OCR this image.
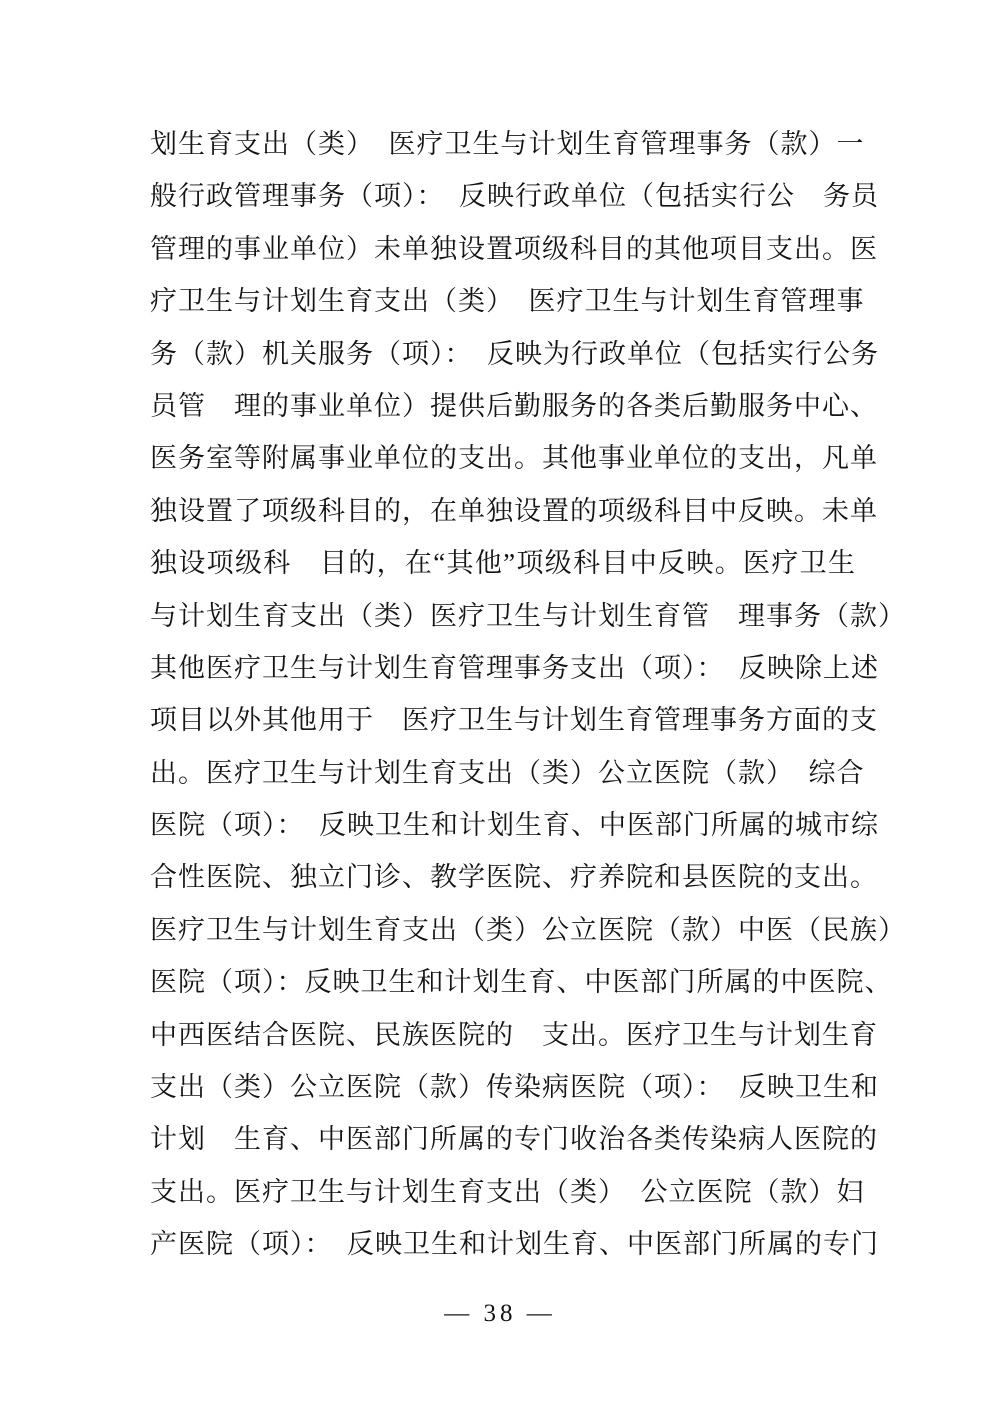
划生育支出（类）　医疗卫生与计划生育管理事务（款）一
般行政管理事务（项）：　反映行政单位（包括实行公　务员
管理的事业单位）未单独设置项级科目的其他项目支出。医
疗卫生与计划生育支出（类）　医疗卫生与计划生育管理事
务（款）机关服务（项）：　反映为行政单位（包括实行公务
员管　理的事业单位）提供后勤服务的各类后勤服务中心、
医务室等附属事业单位的支出。其他事业单位的支出，凡单
独设置了项级科目的，在单独设置的项级科目中反映。未单
独设项级科　目的，在“其他”项级科目中反映。医疗卫生
与计划生育支出（类）医疗卫生与计划生育管　理事务（款）
其他医疗卫生与计划生育管理事务支出（项）：　反映除上述
项目以外其他用于　医疗卫生与计划生育管理事务方面的支
出。医疗卫生与计划生育支出（类）公立医院（款）　综合
医院（项）：　反映卫生和计划生育、中医部门所属的城市综
合性医院、独立门诊、教学医院、疗养院和县医院的支出。
医疗卫生与计划生育支出（类）公立医院（款）中医（民族）
医院（项）：反映卫生和计划生育、中医部门所属的中医院、
中西医结合医院、民族医院的　支出。医疗卫生与计划生育
支出（类）公立医院（款）传染病医院（项）：　反映卫生和
计划　生育、中医部门所属的专门收治各类传染病人医院的
支出。医疗卫生与计划生育支出（类）　公立医院（款）妇
产医院（项）：　反映卫生和计划生育、中医部门所属的专门
— 38 —
